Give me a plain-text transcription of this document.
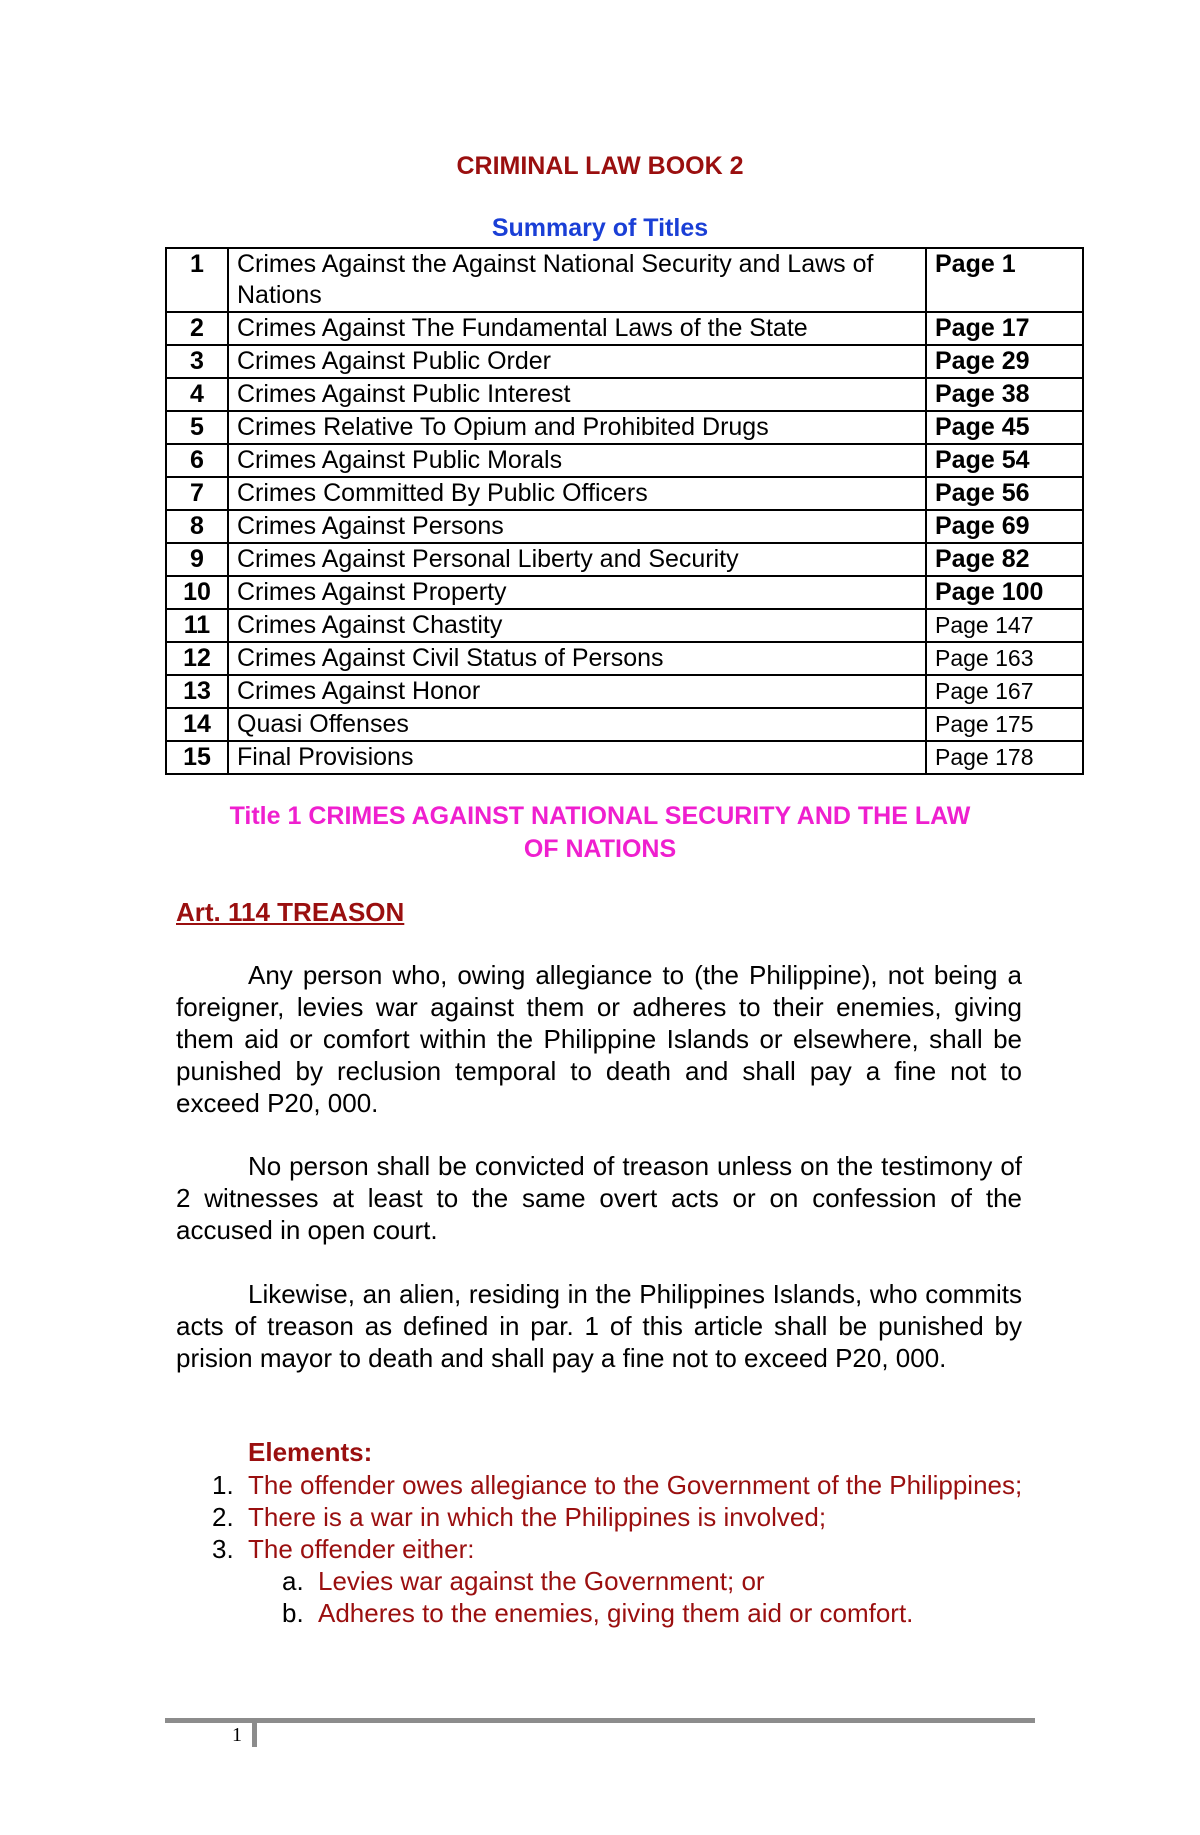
CRIMINAL LAW BOOK 2
Summary of Titles
1	Crimes Against the Against National Security and Laws of Nations	Page 1
2	Crimes Against The Fundamental Laws of the State	Page 17
3	Crimes Against Public Order	Page 29
4	Crimes Against Public Interest	Page 38
5	Crimes Relative To Opium and Prohibited Drugs	Page 45
6	Crimes Against Public Morals	Page 54
7	Crimes Committed By Public Officers	Page 56
8	Crimes Against Persons	Page 69
9	Crimes Against Personal Liberty and Security	Page 82
10	Crimes Against Property	Page 100
11	Crimes Against Chastity	Page 147
12	Crimes Against Civil Status of Persons	Page 163
13	Crimes Against Honor	Page 167
14	Quasi Offenses	Page 175
15	Final Provisions	Page 178
Title 1 CRIMES AGAINST NATIONAL SECURITY AND THE LAW
OF NATIONS
Art. 114 TREASON

Any person who, owing allegiance to (the Philippine), not being a foreigner, levies war against them or adheres to their enemies, giving them aid or comfort within the Philippine Islands or elsewhere, shall be punished by reclusion temporal to death and shall pay a fine not to exceed P20, 000.

No person shall be convicted of treason unless on the testimony of 2 witnesses at least to the same overt acts or on confession of the accused in open court.

Likewise, an alien, residing in the Philippines Islands, who commits acts of treason as defined in par. 1 of this article shall be punished by prision mayor to death and shall pay a fine not to exceed P20, 000.

Elements:
1. The offender owes allegiance to the Government of the Philippines;
2. There is a war in which the Philippines is involved;
3. The offender either:
a. Levies war against the Government; or
b. Adheres to the enemies, giving them aid or comfort.
1
